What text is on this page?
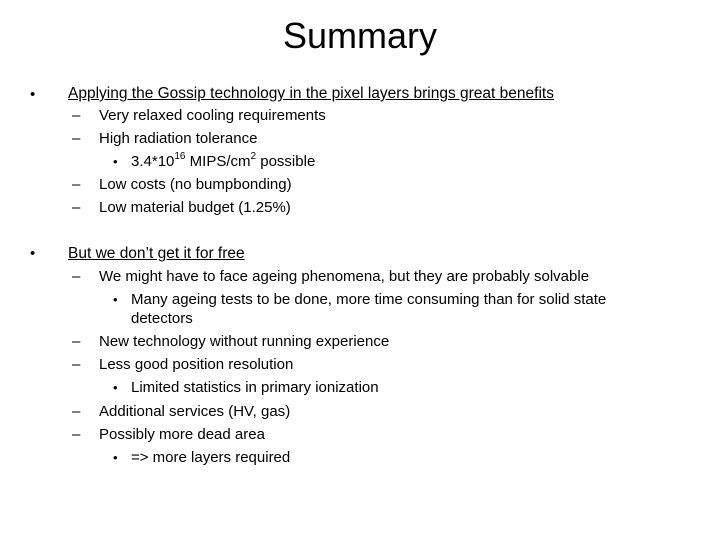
Summary
• Applying the Gossip technology in the pixel layers brings great benefits
– Very relaxed cooling requirements
– High radiation tolerance
• $3.4*10^{16}$ MIPS/$cm^2$ possible
– Low costs (no bumpbonding)
– Low material budget (1.25%)
• But we don’t get it for free
– We might have to face ageing phenomena, but they are probably solvable
• Many ageing tests to be done, more time consuming than for solid state
detectors
– New technology without running experience
– Less good position resolution
• Limited statistics in primary ionization
– Additional services (HV, gas)
– Possibly more dead area
• => more layers required
